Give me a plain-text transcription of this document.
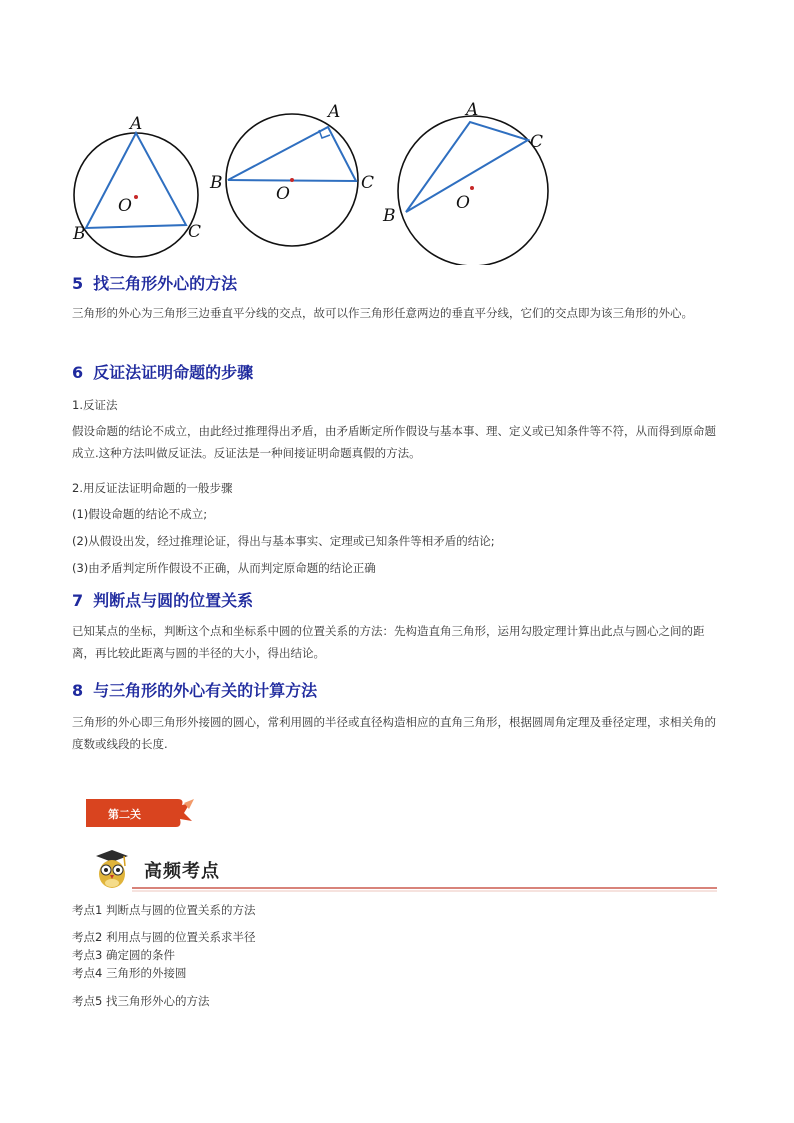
A
B	C
O
A
B	C
O
A
B
C
O
5 找三角形外心的方法

三角形的外心为三角形三边垂直平分线的交点，故可以作三角形任意两边的垂直平分线，它们的交点即为该三角形的外心。

6 反证法证明命题的步骤

1.反证法

假设命题的结论不成立，由此经过推理得出矛盾，由矛盾断定所作假设与基本事、理、定义或已知条件等不符，从而得到原命题成立.这种方法叫做反证法。反证法是一种间接证明命题真假的方法。

2.用反证法证明命题的一般步骤

(1)假设命题的结论不成立;

(2)从假设出发，经过推理论证，得出与基本事实、定理或已知条件等相矛盾的结论;

(3)由矛盾判定所作假设不正确，从而判定原命题的结论正确

7 判断点与圆的位置关系

已知某点的坐标，判断这个点和坐标系中圆的位置关系的方法：先构造直角三角形，运用勾股定理计算出此点与圆心之间的距离，再比较此距离与圆的半径的大小，得出结论。

8 与三角形的外心有关的计算方法

三角形的外心即三角形外接圆的圆心，常利用圆的半径或直径构造相应的直角三角形，根据圆周角定理及垂径定理，求相关角的度数或线段的长度.

第二关
高频考点
考点1 判断点与圆的位置关系的方法
考点2 利用点与圆的位置关系求半径
考点3 确定圆的条件
考点4 三角形的外接圆
考点5 找三角形外心的方法
